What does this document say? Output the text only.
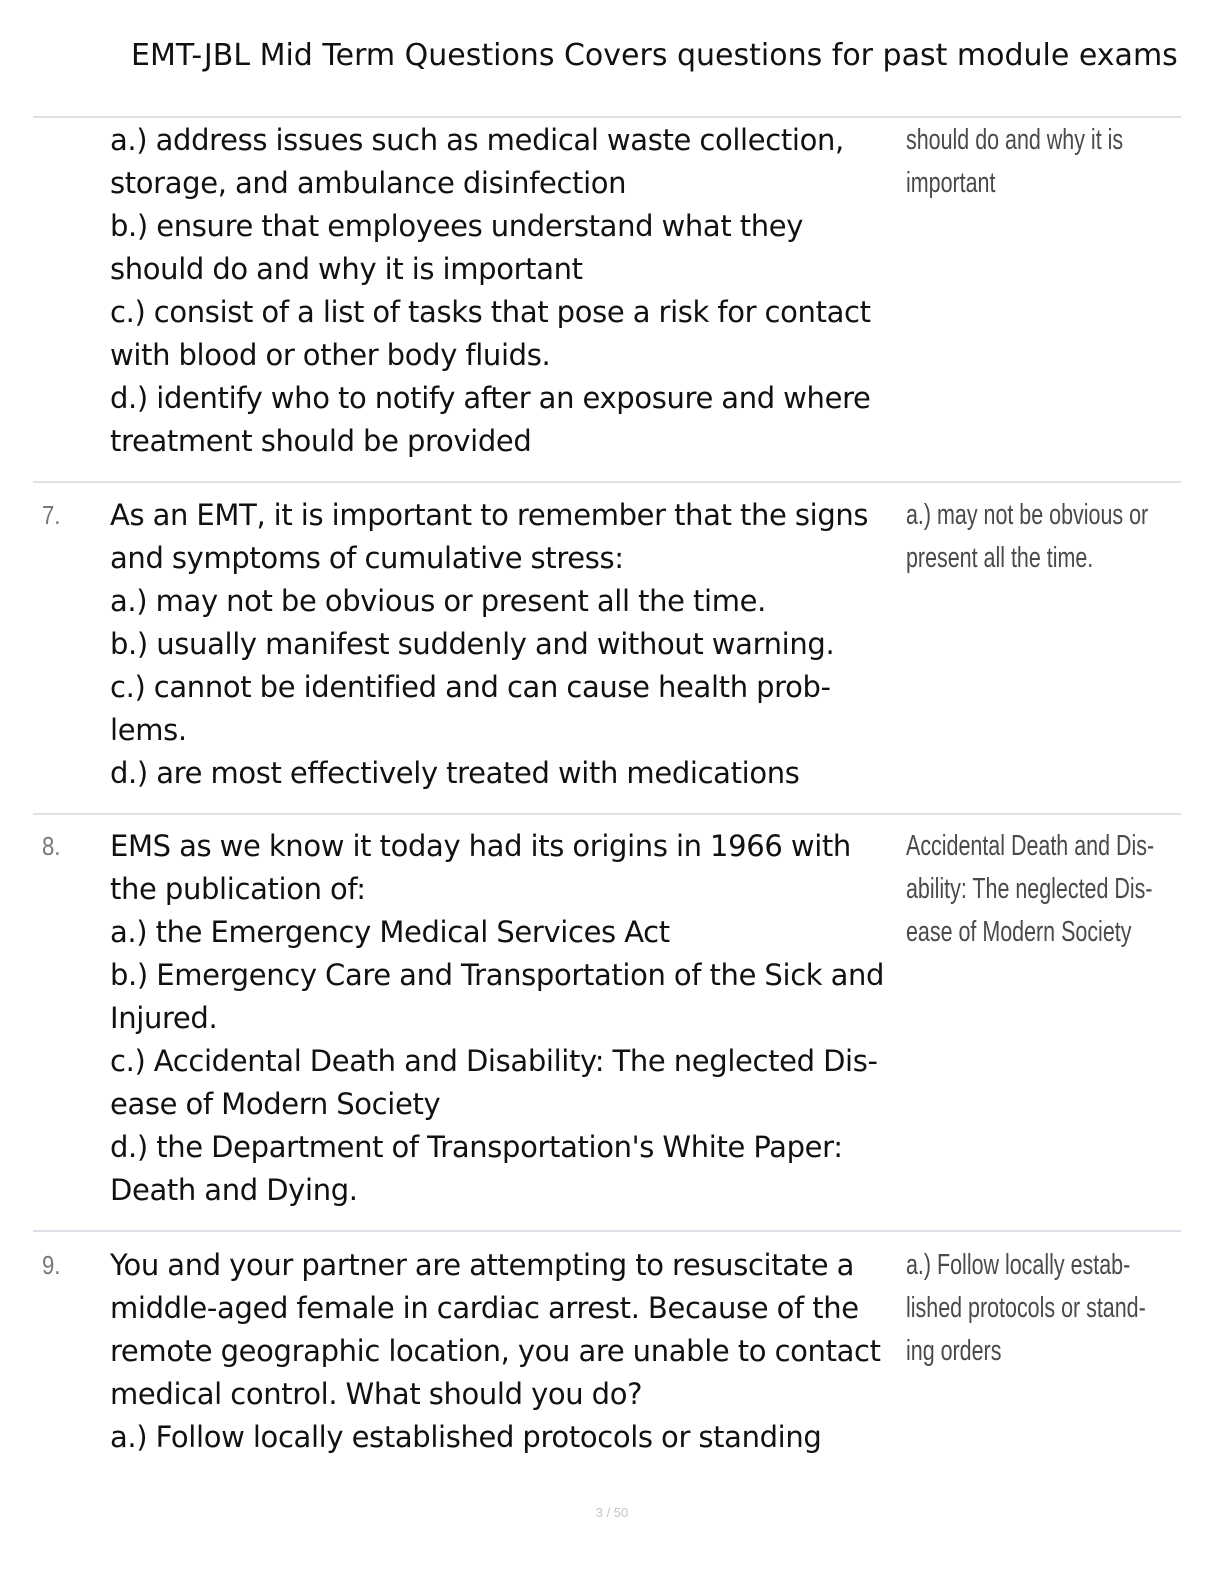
EMT-JBL Mid Term Questions Covers questions for past module exams
a.) address issues such as medical waste collection,
storage, and ambulance disinfection
b.) ensure that employees understand what they
should do and why it is important
c.) consist of a list of tasks that pose a risk for contact
with blood or other body fluids.
d.) identify who to notify after an exposure and where
treatment should be provided
should do and why it is
important
7. As an EMT, it is important to remember that the signs
and symptoms of cumulative stress:
a.) may not be obvious or present all the time.
b.) usually manifest suddenly and without warning.
c.) cannot be identified and can cause health prob-
lems.
d.) are most effectively treated with medications
a.) may not be obvious or
present all the time.
8. EMS as we know it today had its origins in 1966 with
the publication of:
a.) the Emergency Medical Services Act
b.) Emergency Care and Transportation of the Sick and
Injured.
c.) Accidental Death and Disability: The neglected Dis-
ease of Modern Society
d.) the Department of Transportation's White Paper:
Death and Dying.
Accidental Death and Dis-
ability: The neglected Dis-
ease of Modern Society
9. You and your partner are attempting to resuscitate a
middle-aged female in cardiac arrest. Because of the
remote geographic location, you are unable to contact
medical control. What should you do?
a.) Follow locally established protocols or standing
a.) Follow locally estab-
lished protocols or stand-
ing orders
3 / 50
